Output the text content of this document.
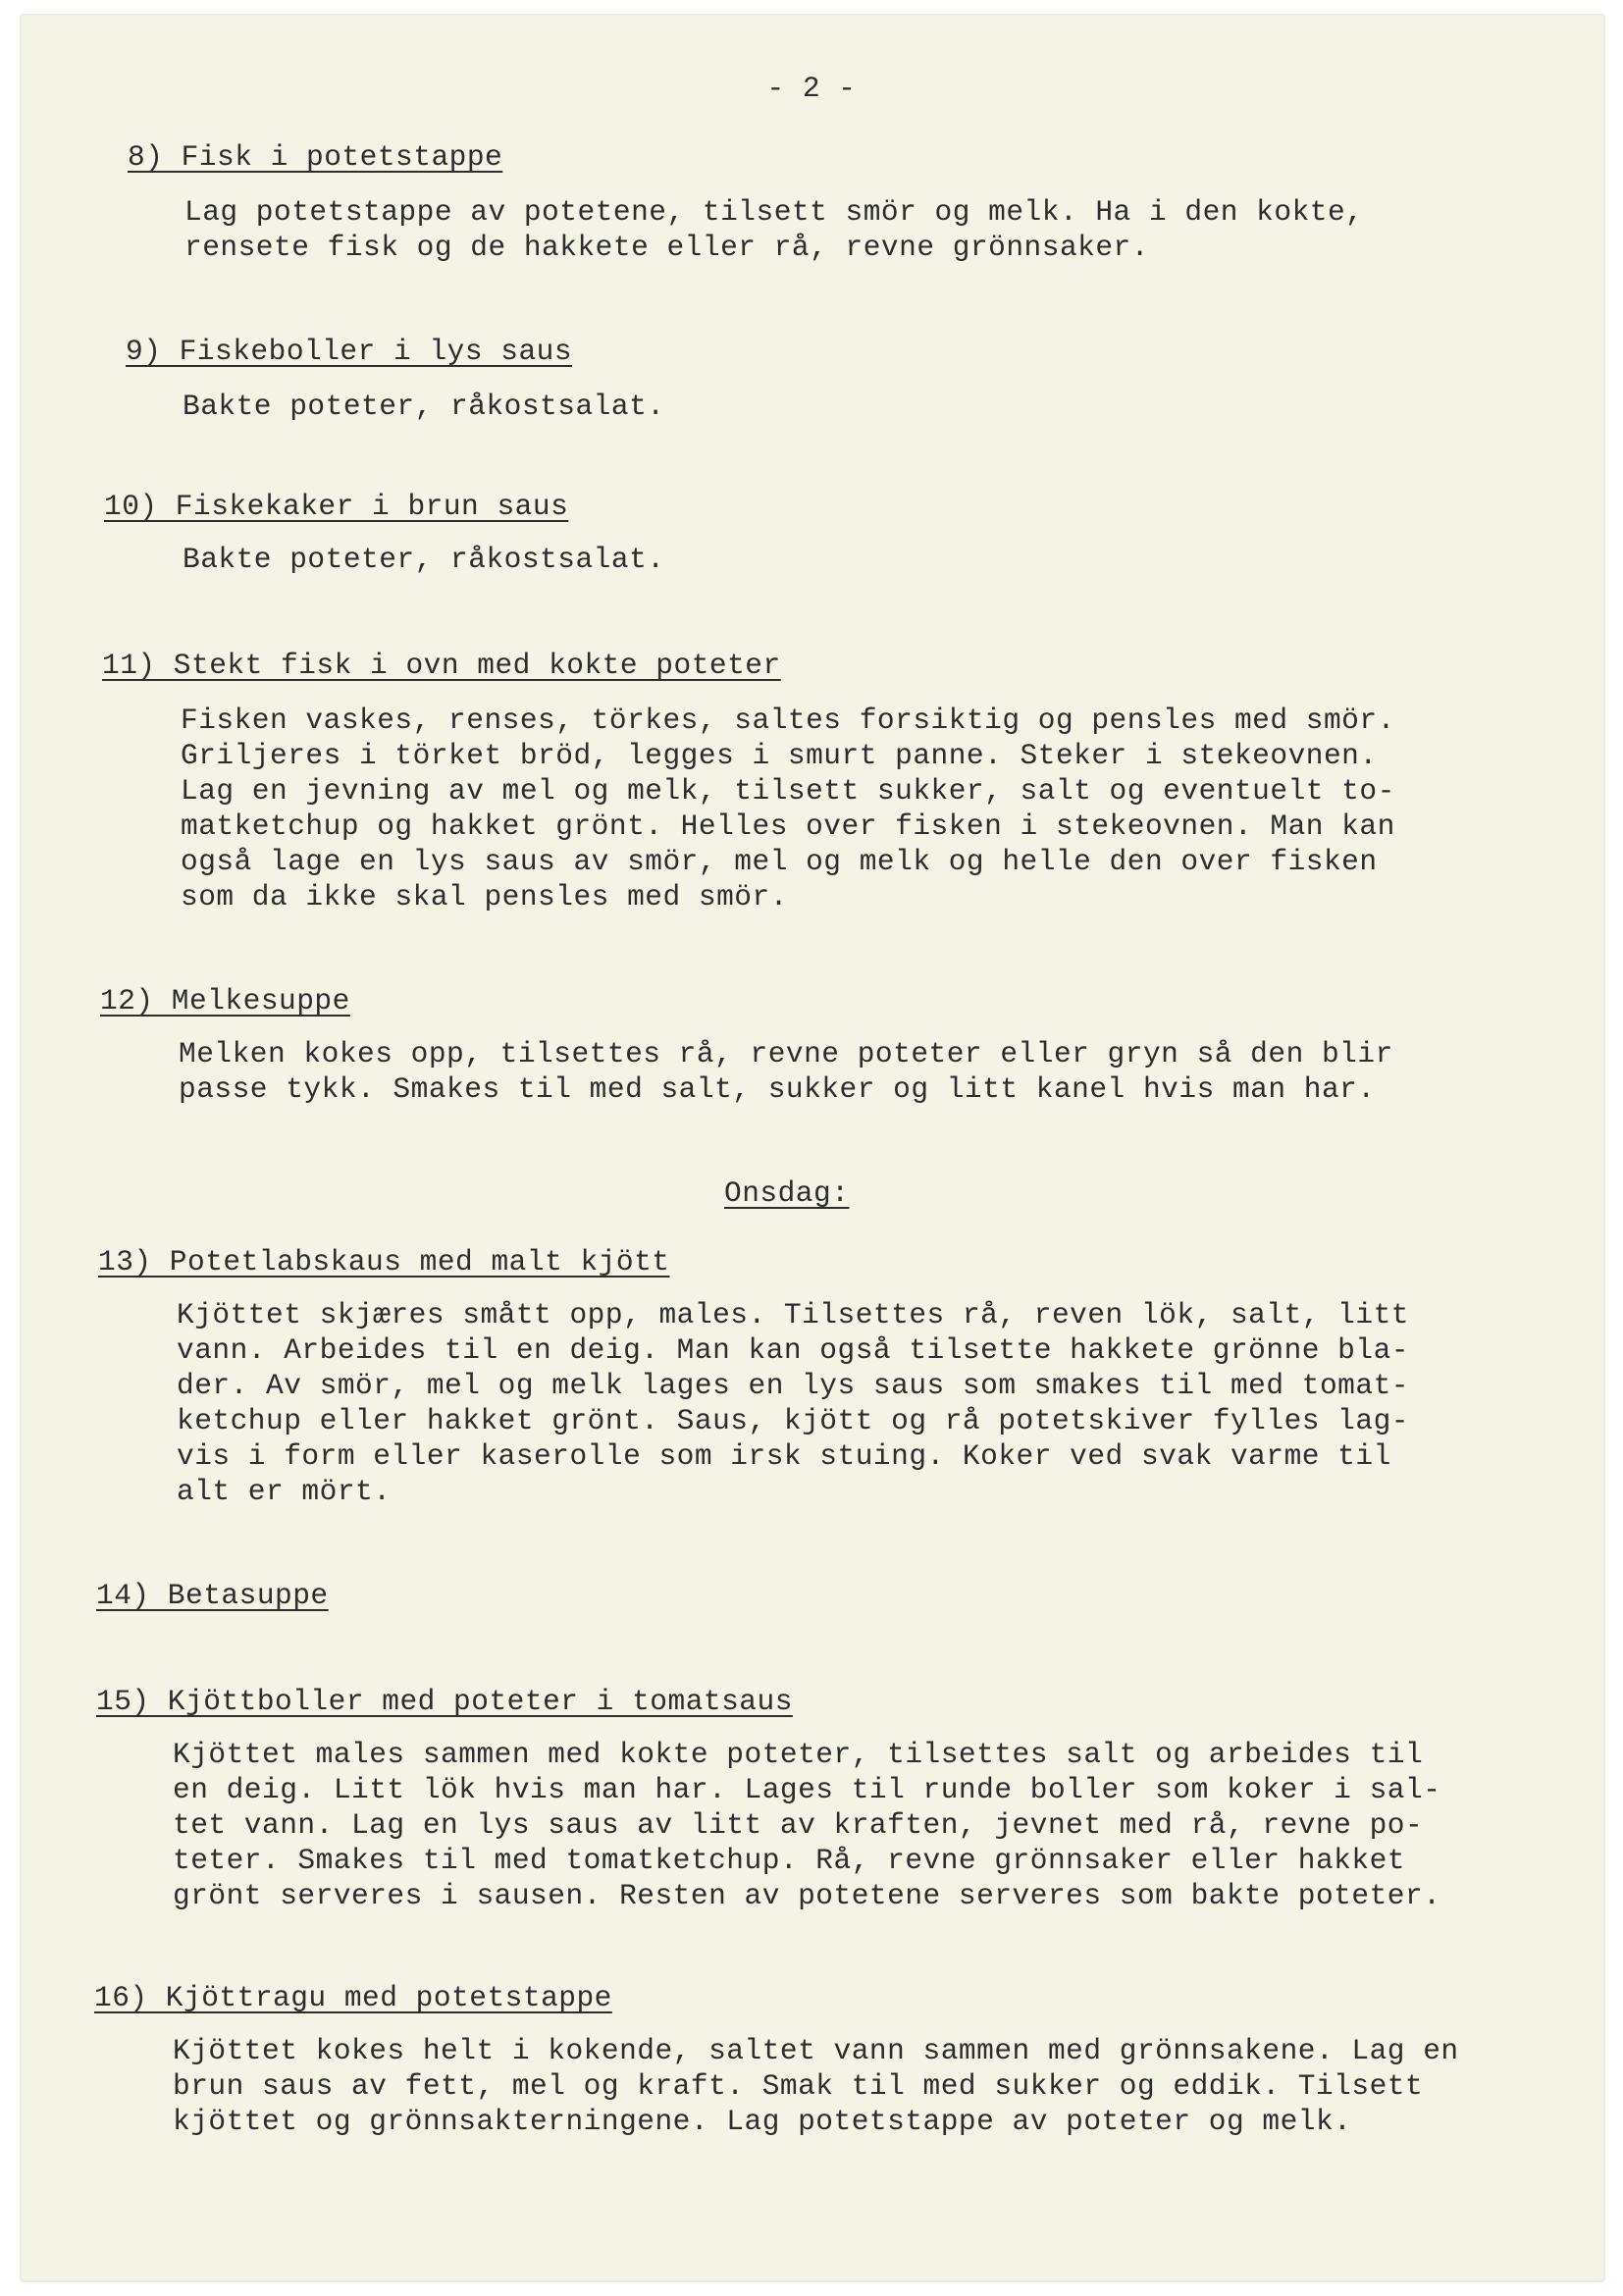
- 2 -
8) Fisk i potetstappe
Lag potetstappe av potetene, tilsett smör og melk. Ha i den kokte,
rensete fisk og de hakkete eller rå, revne grönnsaker.
9) Fiskeboller i lys saus
Bakte poteter, råkostsalat.
10) Fiskekaker i brun saus
Bakte poteter, råkostsalat.
11) Stekt fisk i ovn med kokte poteter
Fisken vaskes, renses, törkes, saltes forsiktig og pensles med smör.
Griljeres i törket bröd, legges i smurt panne. Steker i stekeovnen.
Lag en jevning av mel og melk, tilsett sukker, salt og eventuelt to-
matketchup og hakket grönt. Helles over fisken i stekeovnen. Man kan
også lage en lys saus av smör, mel og melk og helle den over fisken
som da ikke skal pensles med smör.
12) Melkesuppe
Melken kokes opp, tilsettes rå, revne poteter eller gryn så den blir
passe tykk. Smakes til med salt, sukker og litt kanel hvis man har.
Onsdag:
13) Potetlabskaus med malt kjött
Kjöttet skjæres smått opp, males. Tilsettes rå, reven lök, salt, litt
vann. Arbeides til en deig. Man kan også tilsette hakkete grönne bla-
der. Av smör, mel og melk lages en lys saus som smakes til med tomat-
ketchup eller hakket grönt. Saus, kjött og rå potetskiver fylles lag-
vis i form eller kaserolle som irsk stuing. Koker ved svak varme til
alt er mört.
14) Betasuppe
15) Kjöttboller med poteter i tomatsaus
Kjöttet males sammen med kokte poteter, tilsettes salt og arbeides til
en deig. Litt lök hvis man har. Lages til runde boller som koker i sal-
tet vann. Lag en lys saus av litt av kraften, jevnet med rå, revne po-
teter. Smakes til med tomatketchup. Rå, revne grönnsaker eller hakket
grönt serveres i sausen. Resten av potetene serveres som bakte poteter.
16) Kjöttragu med potetstappe
Kjöttet kokes helt i kokende, saltet vann sammen med grönnsakene. Lag en
brun saus av fett, mel og kraft. Smak til med sukker og eddik. Tilsett
kjöttet og grönnsakterningene. Lag potetstappe av poteter og melk.
